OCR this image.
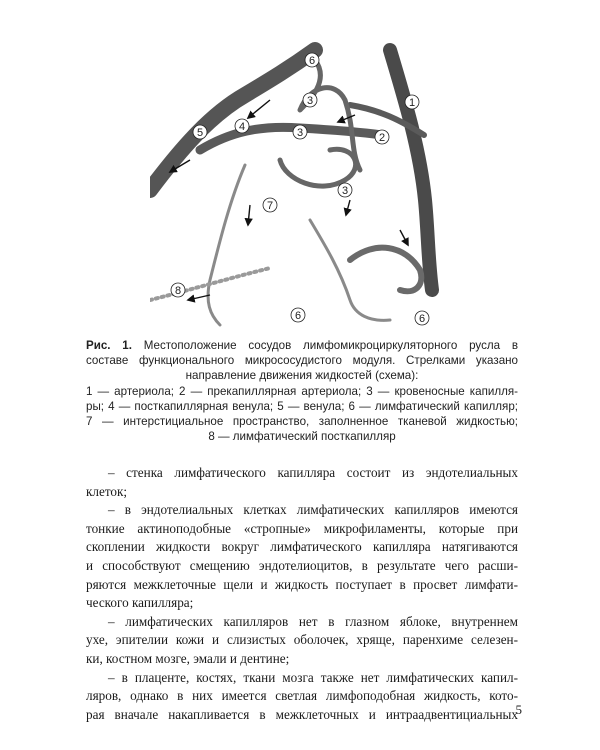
1
2
3
3
3
4
5
6
6	6
7
8
Рис. 1. Местоположение сосудов лимфомикроциркуляторного русла в
составе функционального микрососудистого модуля. Стрелками указано
направление движения жидкостей (схема):
1 — артериола; 2 — прекапиллярная артериола; 3 — кровеносные капилля-
ры; 4 — посткапиллярная венула; 5 — венула; 6 — лимфатический капилляр;
7 — интерстициальное пространство, заполненное тканевой жидкостью;
8 — лимфатический посткапилляр
– стенка лимфатического капилляра состоит из эндотелиальных
клеток;
– в эндотелиальных клетках лимфатических капилляров имеются
тонкие актиноподобные «стропные» микрофиламенты, которые при
скоплении жидкости вокруг лимфатического капилляра натягиваются
и способствуют смещению эндотелиоцитов, в результате чего расши-
ряются межклеточные щели и жидкость поступает в просвет лимфати-
ческого капилляра;
– лимфатических капилляров нет в глазном яблоке, внутреннем
ухе, эпителии кожи и слизистых оболочек, хряще, паренхиме селезен-
ки, костном мозге, эмали и дентине;
– в плаценте, костях, ткани мозга также нет лимфатических капил-
ляров, однако в них имеется светлая лимфоподобная жидкость, кото-
рая вначале накапливается в межклеточных и интраадвентициальных
5
